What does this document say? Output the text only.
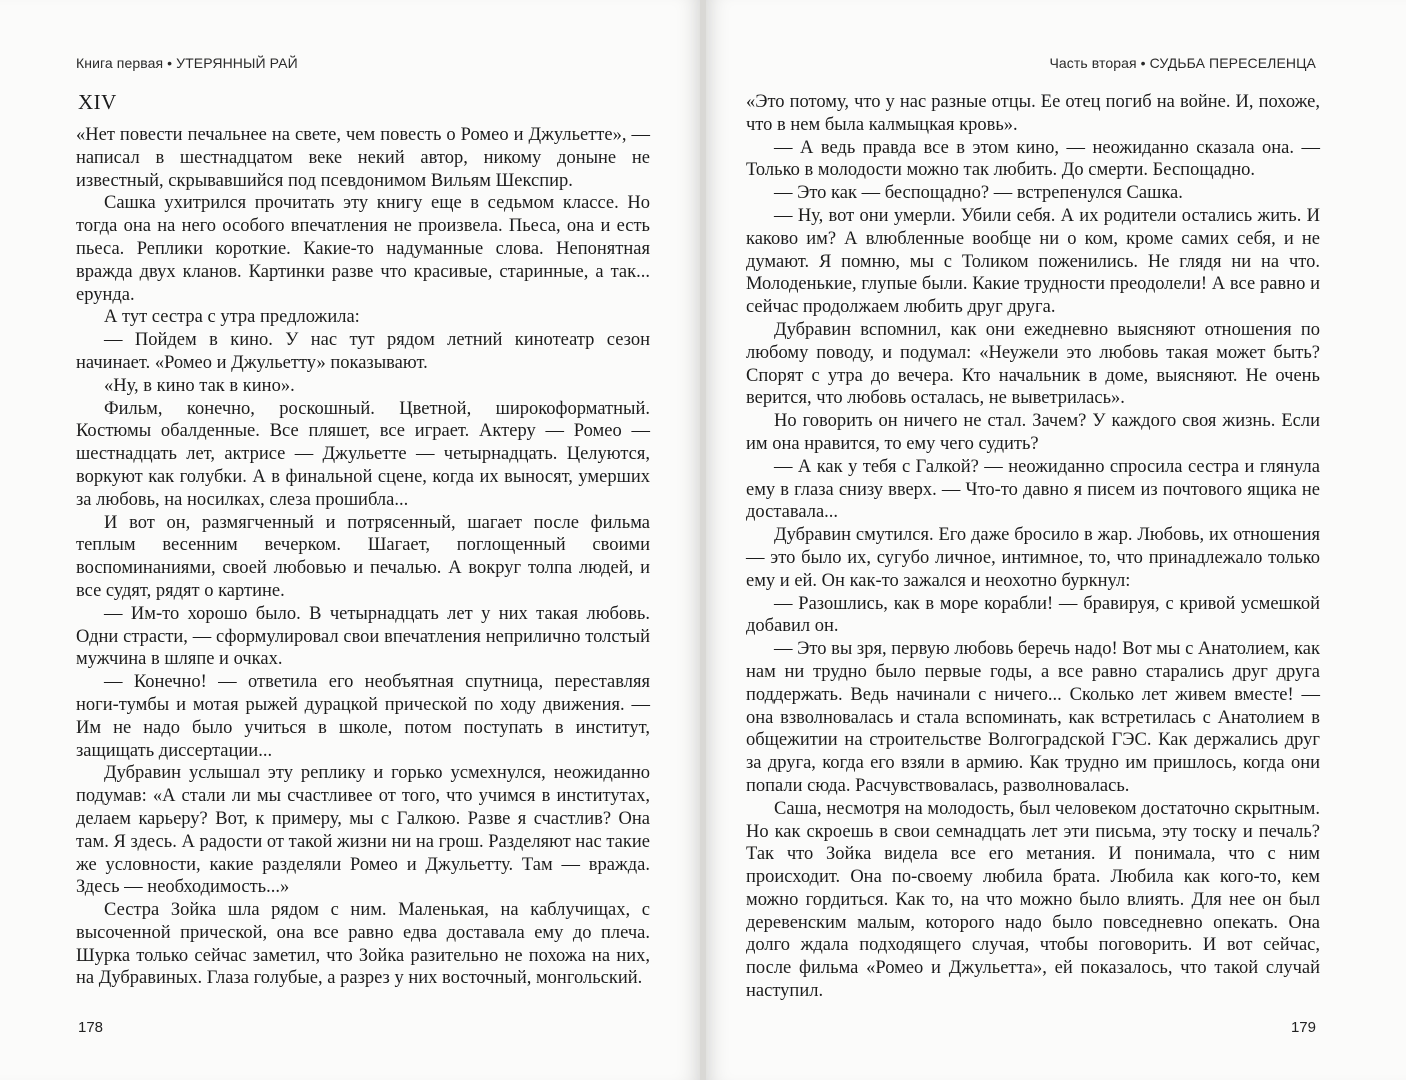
Книга первая • УТЕРЯННЫЙ РАЙ
XIV

«Нет повести печальнее на свете, чем повесть о Ромео и Джульетте», — написал в шестнадцатом веке некий автор, никому доныне не известный, скрывавшийся под псевдонимом Вильям Шекспир.

Сашка ухитрился прочитать эту книгу еще в седьмом классе. Но тогда она на него особого впечатления не произвела. Пьеса, она и есть пьеса. Реплики короткие. Какие-то надуманные слова. Непонятная вражда двух кланов. Картинки разве что красивые, старинные, а так... ерунда.

А тут сестра с утра предложила:

— Пойдем в кино. У нас тут рядом летний кинотеатр сезон начинает. «Ромео и Джульетту» показывают.

«Ну, в кино так в кино».

Фильм, конечно, роскошный. Цветной, широкоформатный. Костюмы обалденные. Все пляшет, все играет. Актеру — Ромео — шестнадцать лет, актрисе — Джульетте — четырнадцать. Целуются, воркуют как голубки. А в финальной сцене, когда их выносят, умерших за любовь, на носилках, слеза прошибла...

И вот он, размягченный и потрясенный, шагает после фильма теплым весенним вечерком. Шагает, поглощенный своими воспоминаниями, своей любовью и печалью. А вокруг толпа людей, и все судят, рядят о картине.

— Им-то хорошо было. В четырнадцать лет у них такая любовь. Одни страсти, — сформулировал свои впечатления неприлично толстый мужчина в шляпе и очках.

— Конечно! — ответила его необъятная спутница, переставляя ноги-тумбы и мотая рыжей дурацкой прической по ходу движения. — Им не надо было учиться в школе, потом поступать в институт, защищать диссертации...

Дубравин услышал эту реплику и горько усмехнулся, неожиданно подумав: «А стали ли мы счастливее от того, что учимся в институтах, делаем карьеру? Вот, к примеру, мы с Галкою. Разве я счастлив? Она там. Я здесь. А радости от такой жизни ни на грош. Разделяют нас такие же условности, какие разделяли Ромео и Джульетту. Там — вражда. Здесь — необходимость...»

Сестра Зойка шла рядом с ним. Маленькая, на каблучищах, с высоченной прической, она все равно едва доставала ему до плеча. Шурка только сейчас заметил, что Зойка разительно не похожа на них, на Дубравиных. Глаза голубые, а разрез у них восточный, монгольский.

178
Часть вторая • СУДЬБА ПЕРЕСЕЛЕНЦА

«Это потому, что у нас разные отцы. Ее отец погиб на войне. И, похоже, что в нем была калмыцкая кровь».

— А ведь правда все в этом кино, — неожиданно сказала она. — Только в молодости можно так любить. До смерти. Беспощадно.

— Это как — беспощадно? — встрепенулся Сашка.

— Ну, вот они умерли. Убили себя. А их родители остались жить. И каково им? А влюбленные вообще ни о ком, кроме самих себя, и не думают. Я помню, мы с Толиком поженились. Не глядя ни на что. Молоденькие, глупые были. Какие трудности преодолели! А все равно и сейчас продолжаем любить друг друга.

Дубравин вспомнил, как они ежедневно выясняют отношения по любому поводу, и подумал: «Неужели это любовь такая может быть? Спорят с утра до вечера. Кто начальник в доме, выясняют. Не очень верится, что любовь осталась, не выветрилась».

Но говорить он ничего не стал. Зачем? У каждого своя жизнь. Если им она нравится, то ему чего судить?

— А как у тебя с Галкой? — неожиданно спросила сестра и глянула ему в глаза снизу вверх. — Что-то давно я писем из почтового ящика не доставала...

Дубравин смутился. Его даже бросило в жар. Любовь, их отношения — это было их, сугубо личное, интимное, то, что принадлежало только ему и ей. Он как-то зажался и неохотно буркнул:

— Разошлись, как в море корабли! — бравируя, с кривой усмешкой добавил он.

— Это вы зря, первую любовь беречь надо! Вот мы с Анатолием, как нам ни трудно было первые годы, а все равно старались друг друга поддержать. Ведь начинали с ничего... Сколько лет живем вместе! — она взволновалась и стала вспоминать, как встретилась с Анатолием в общежитии на строительстве Волгоградской ГЭС. Как держались друг за друга, когда его взяли в армию. Как трудно им пришлось, когда они попали сюда. Расчувствовалась, разволновалась.

Саша, несмотря на молодость, был человеком достаточно скрытным. Но как скроешь в свои семнадцать лет эти письма, эту тоску и печаль? Так что Зойка видела все его метания. И понимала, что с ним происходит. Она по-своему любила брата. Любила как кого-то, кем можно гордиться. Как то, на что можно было влиять. Для нее он был деревенским малым, которого надо было повседневно опекать. Она долго ждала подходящего случая, чтобы поговорить. И вот сейчас, после фильма «Ромео и Джульетта», ей показалось, что такой случай наступил.

179
